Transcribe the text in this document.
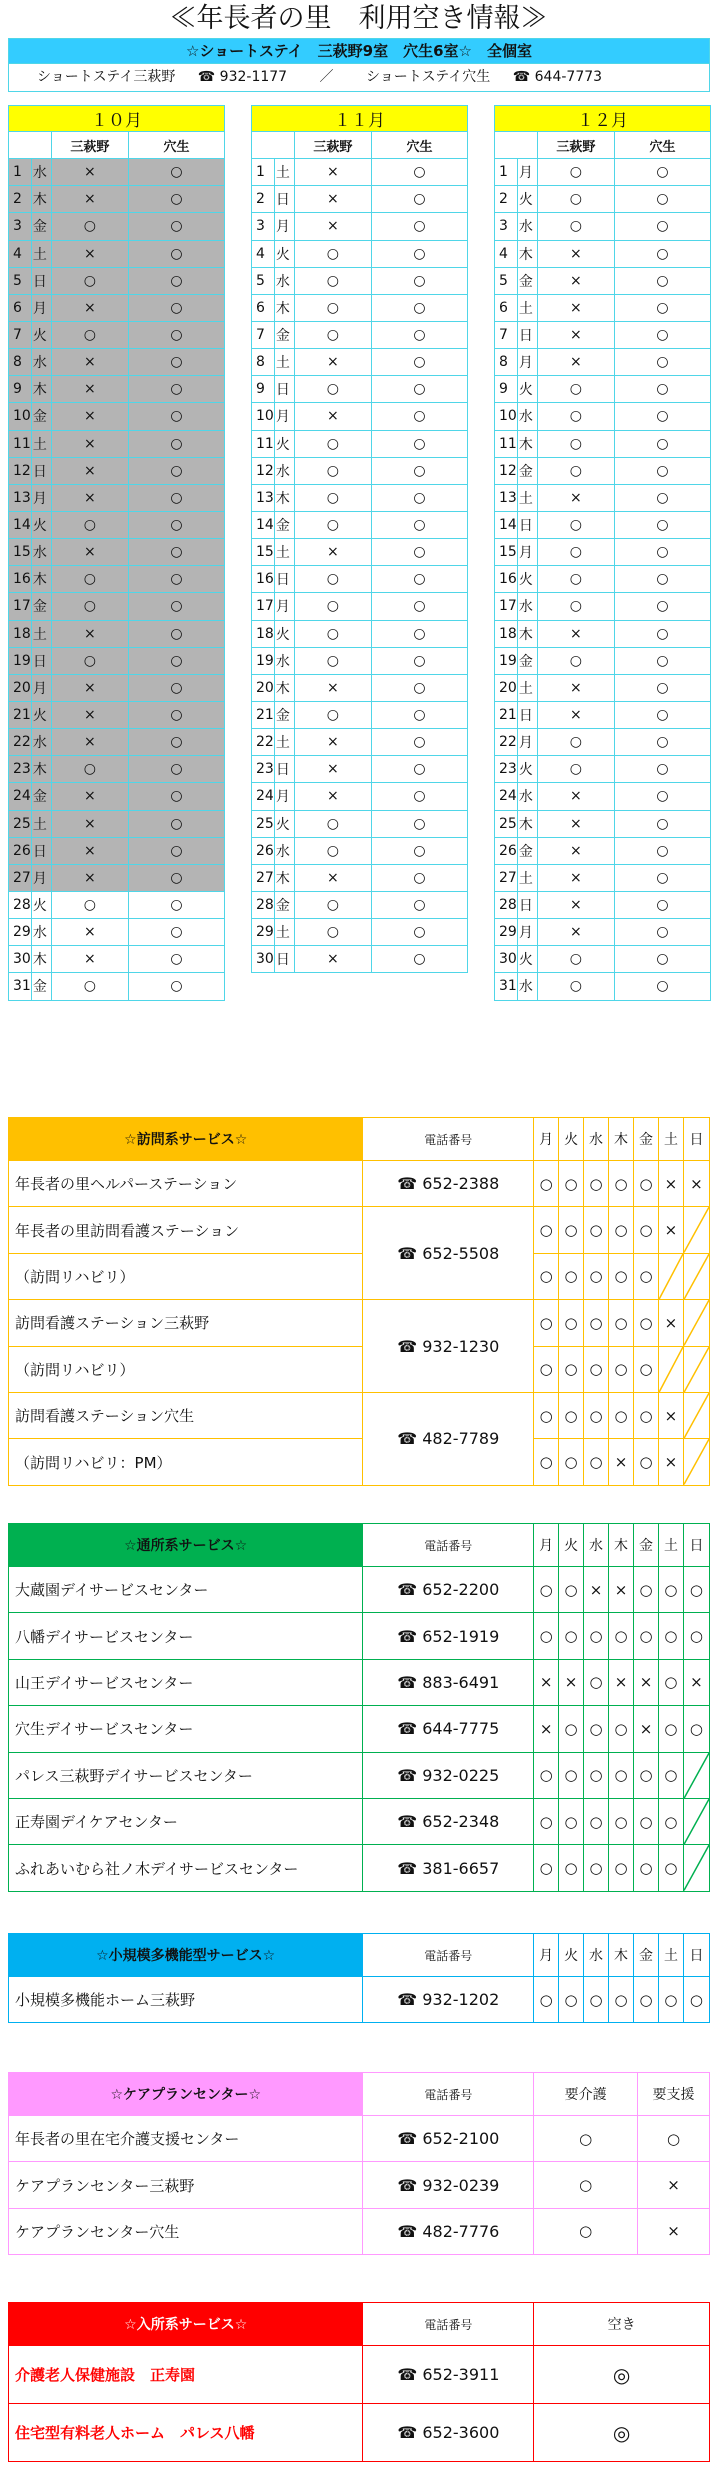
≪年長者の里　利用空き情報≫
☆ショートステイ　三萩野9室　穴生6室☆　全個室
ショートステイ三萩野 ☎ 932-1177 ／ ショートステイ穴生 ☎ 644-7773
１０月			
		三萩野	穴生
1	水	×	○
2	木	×	○
3	金	○	○
4	土	×	○
5	日	○	○
6	月	×	○
7	火	○	○
8	水	×	○
9	木	×	○
10	金	×	○
11	土	×	○
12	日	×	○
13	月	×	○
14	火	○	○
15	水	×	○
16	木	○	○
17	金	○	○
18	土	×	○
19	日	○	○
20	月	×	○
21	火	×	○
22	水	×	○
23	木	○	○
24	金	×	○
25	土	×	○
26	日	×	○
27	月	×	○
28	火	○	○
29	水	×	○
30	木	×	○
31	金	○	○
１１月			
		三萩野	穴生
1	土	×	○
2	日	×	○
3	月	×	○
4	火	○	○
5	水	○	○
6	木	○	○
7	金	○	○
8	土	×	○
9	日	○	○
10	月	×	○
11	火	○	○
12	水	○	○
13	木	○	○
14	金	○	○
15	土	×	○
16	日	○	○
17	月	○	○
18	火	○	○
19	水	○	○
20	木	×	○
21	金	○	○
22	土	×	○
23	日	×	○
24	月	×	○
25	火	○	○
26	水	○	○
27	木	×	○
28	金	○	○
29	土	○	○
30	日	×	○
１２月			
		三萩野	穴生
1	月	○	○
2	火	○	○
3	水	○	○
4	木	×	○
5	金	×	○
6	土	×	○
7	日	×	○
8	月	×	○
9	火	○	○
10	水	○	○
11	木	○	○
12	金	○	○
13	土	×	○
14	日	○	○
15	月	○	○
16	火	○	○
17	水	○	○
18	木	×	○
19	金	○	○
20	土	×	○
21	日	×	○
22	月	○	○
23	火	○	○
24	水	×	○
25	木	×	○
26	金	×	○
27	土	×	○
28	日	×	○
29	月	×	○
30	火	○	○
31	水	○	○
☆訪問系サービス☆	電話番号	月	火	水	木	金	土	日
年長者の里ヘルパーステーション	☎ 652-2388	○	○	○	○	○	×	×
年長者の里訪問看護ステーション	☎ 652-5508	○	○	○	○	○	×	

（訪問リハビリ）		○	○	○	○	○	

訪問看護ステーション三萩野	☎ 932-1230	○	○	○	○	○	×	

（訪問リハビリ）		○	○	○	○	○	

訪問看護ステーション穴生	☎ 482-7789	○	○	○	○	○	×	

（訪問リハビリ：PM）		○	○	○	×	○	×	
☆通所系サービス☆	電話番号	月	火	水	木	金	土	日
大蔵園デイサービスセンター	☎ 652-2200	○	○	×	×	○	○	○
八幡デイサービスセンター	☎ 652-1919	○	○	○	○	○	○	○
山王デイサービスセンター	☎ 883-6491	×	×	○	×	×	○	×
穴生デイサービスセンター	☎ 644-7775	×	○	○	○	×	○	○
パレス三萩野デイサービスセンター	☎ 932-0225	○	○	○	○	○	○	

正寿園デイケアセンター	☎ 652-2348	○	○	○	○	○	○	

ふれあいむら社ノ木デイサービスセンター	☎ 381-6657	○	○	○	○	○	○	
☆小規模多機能型サービス☆	電話番号	月	火	水	木	金	土	日
小規模多機能ホーム三萩野	☎ 932-1202	○	○	○	○	○	○	○
☆ケアプランセンター☆	電話番号	要介護	要支援
年長者の里在宅介護支援センター	☎ 652-2100	○	○
ケアプランセンター三萩野	☎ 932-0239	○	×
ケアプランセンター穴生	☎ 482-7776	○	×
☆入所系サービス☆	電話番号	空き
介護老人保健施設　正寿園	☎ 652-3911	◎
住宅型有料老人ホーム　パレス八幡	☎ 652-3600	◎
